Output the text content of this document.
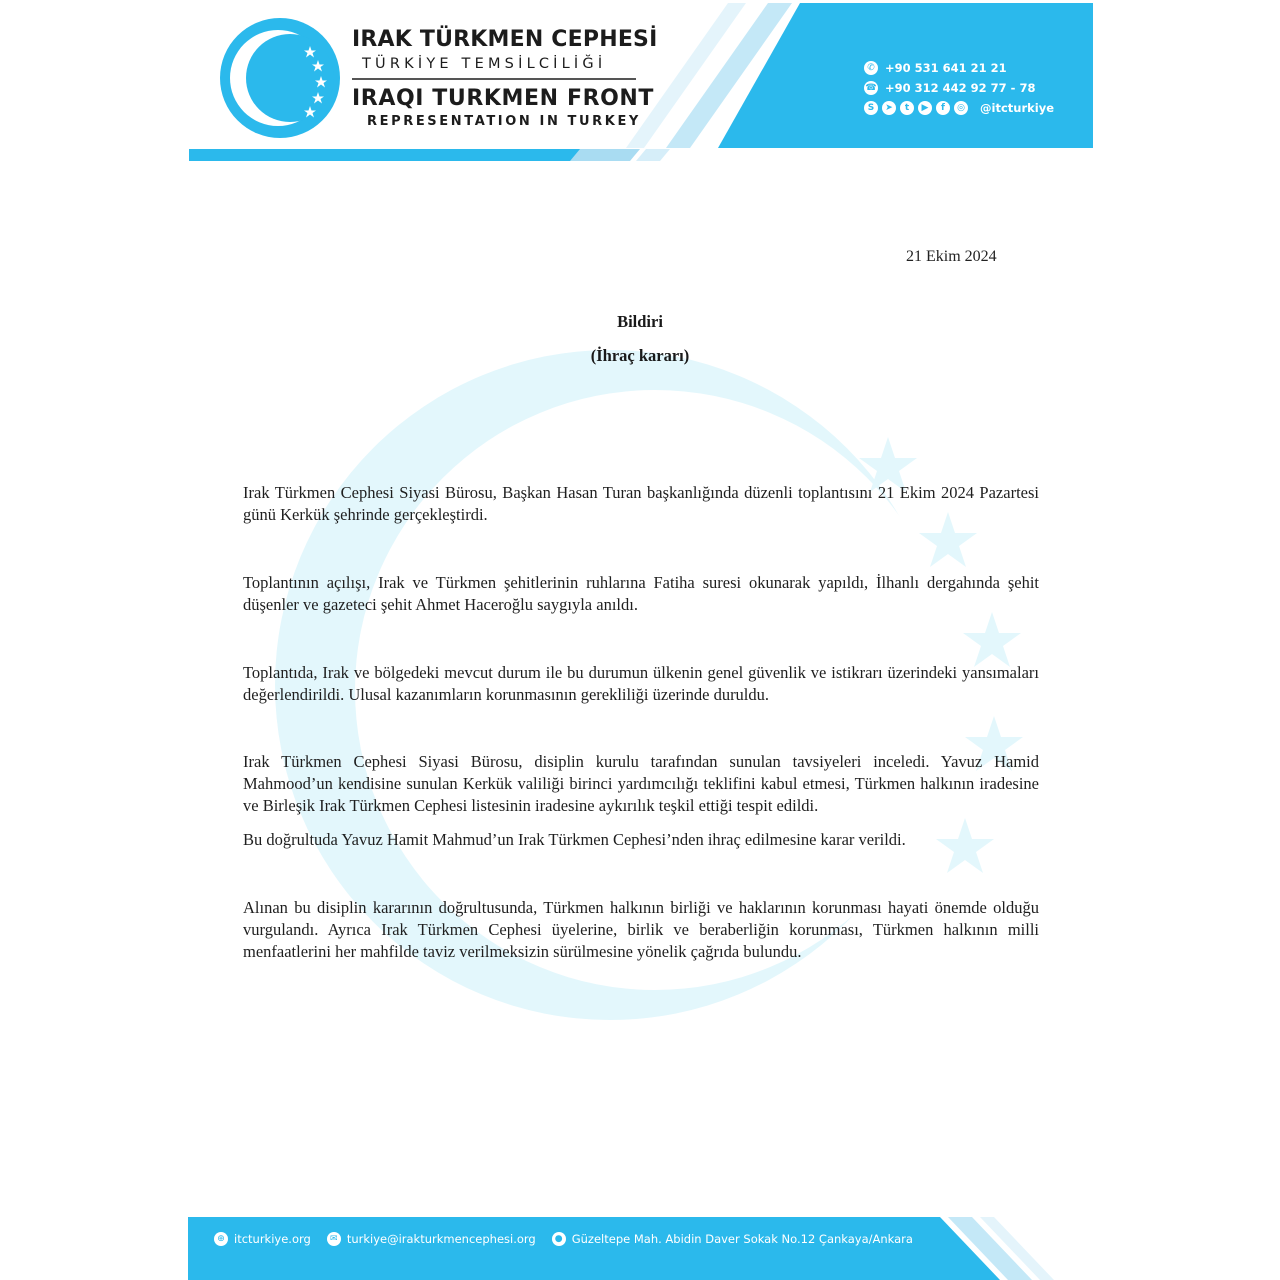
IRAK TÜRKMEN CEPHESİ
TÜRKİYE TEMSİLCİLİĞİ
IRAQI TURKMEN FRONT
REPRESENTATION IN TURKEY
✆ +90 531 641 21 21
☎ +90 312 442 92 77 - 78
S	➤	t	▶	f	◎ @itcturkiye
21 Ekim 2024
Bildiri
(İhraç kararı)

Irak Türkmen Cephesi Siyasi Bürosu, Başkan Hasan Turan başkanlığında düzenli toplantısını 21 Ekim 2024 Pazartesi günü Kerkük şehrinde gerçekleştirdi.

Toplantının açılışı, Irak ve Türkmen şehitlerinin ruhlarına Fatiha suresi okunarak yapıldı, İlhanlı dergahında şehit düşenler ve gazeteci şehit Ahmet Haceroğlu saygıyla anıldı.

Toplantıda, Irak ve bölgedeki mevcut durum ile bu durumun ülkenin genel güvenlik ve istikrarı üzerindeki yansımaları değerlendirildi. Ulusal kazanımların korunmasının gerekliliği üzerinde duruldu.

Irak Türkmen Cephesi Siyasi Bürosu, disiplin kurulu tarafından sunulan tavsiyeleri inceledi. Yavuz Hamid Mahmood’un kendisine sunulan Kerkük valiliği birinci yardımcılığı teklifini kabul etmesi, Türkmen halkının iradesine ve Birleşik Irak Türkmen Cephesi listesinin iradesine aykırılık teşkil ettiği tespit edildi.

Bu doğrultuda Yavuz Hamit Mahmud’un Irak Türkmen Cephesi’nden ihraç edilmesine karar verildi.

Alınan bu disiplin kararının doğrultusunda, Türkmen halkının birliği ve haklarının korunması hayati önemde olduğu vurgulandı. Ayrıca Irak Türkmen Cephesi üyelerine, birlik ve beraberliğin korunması, Türkmen halkının milli menfaatlerini her mahfilde taviz verilmeksizin sürülmesine yönelik çağrıda bulundu.

⊕ itcturkiye.org	✉ turkiye@irakturkmencephesi.org	● Güzeltepe Mah. Abidin Daver Sokak No.12 Çankaya/Ankara
